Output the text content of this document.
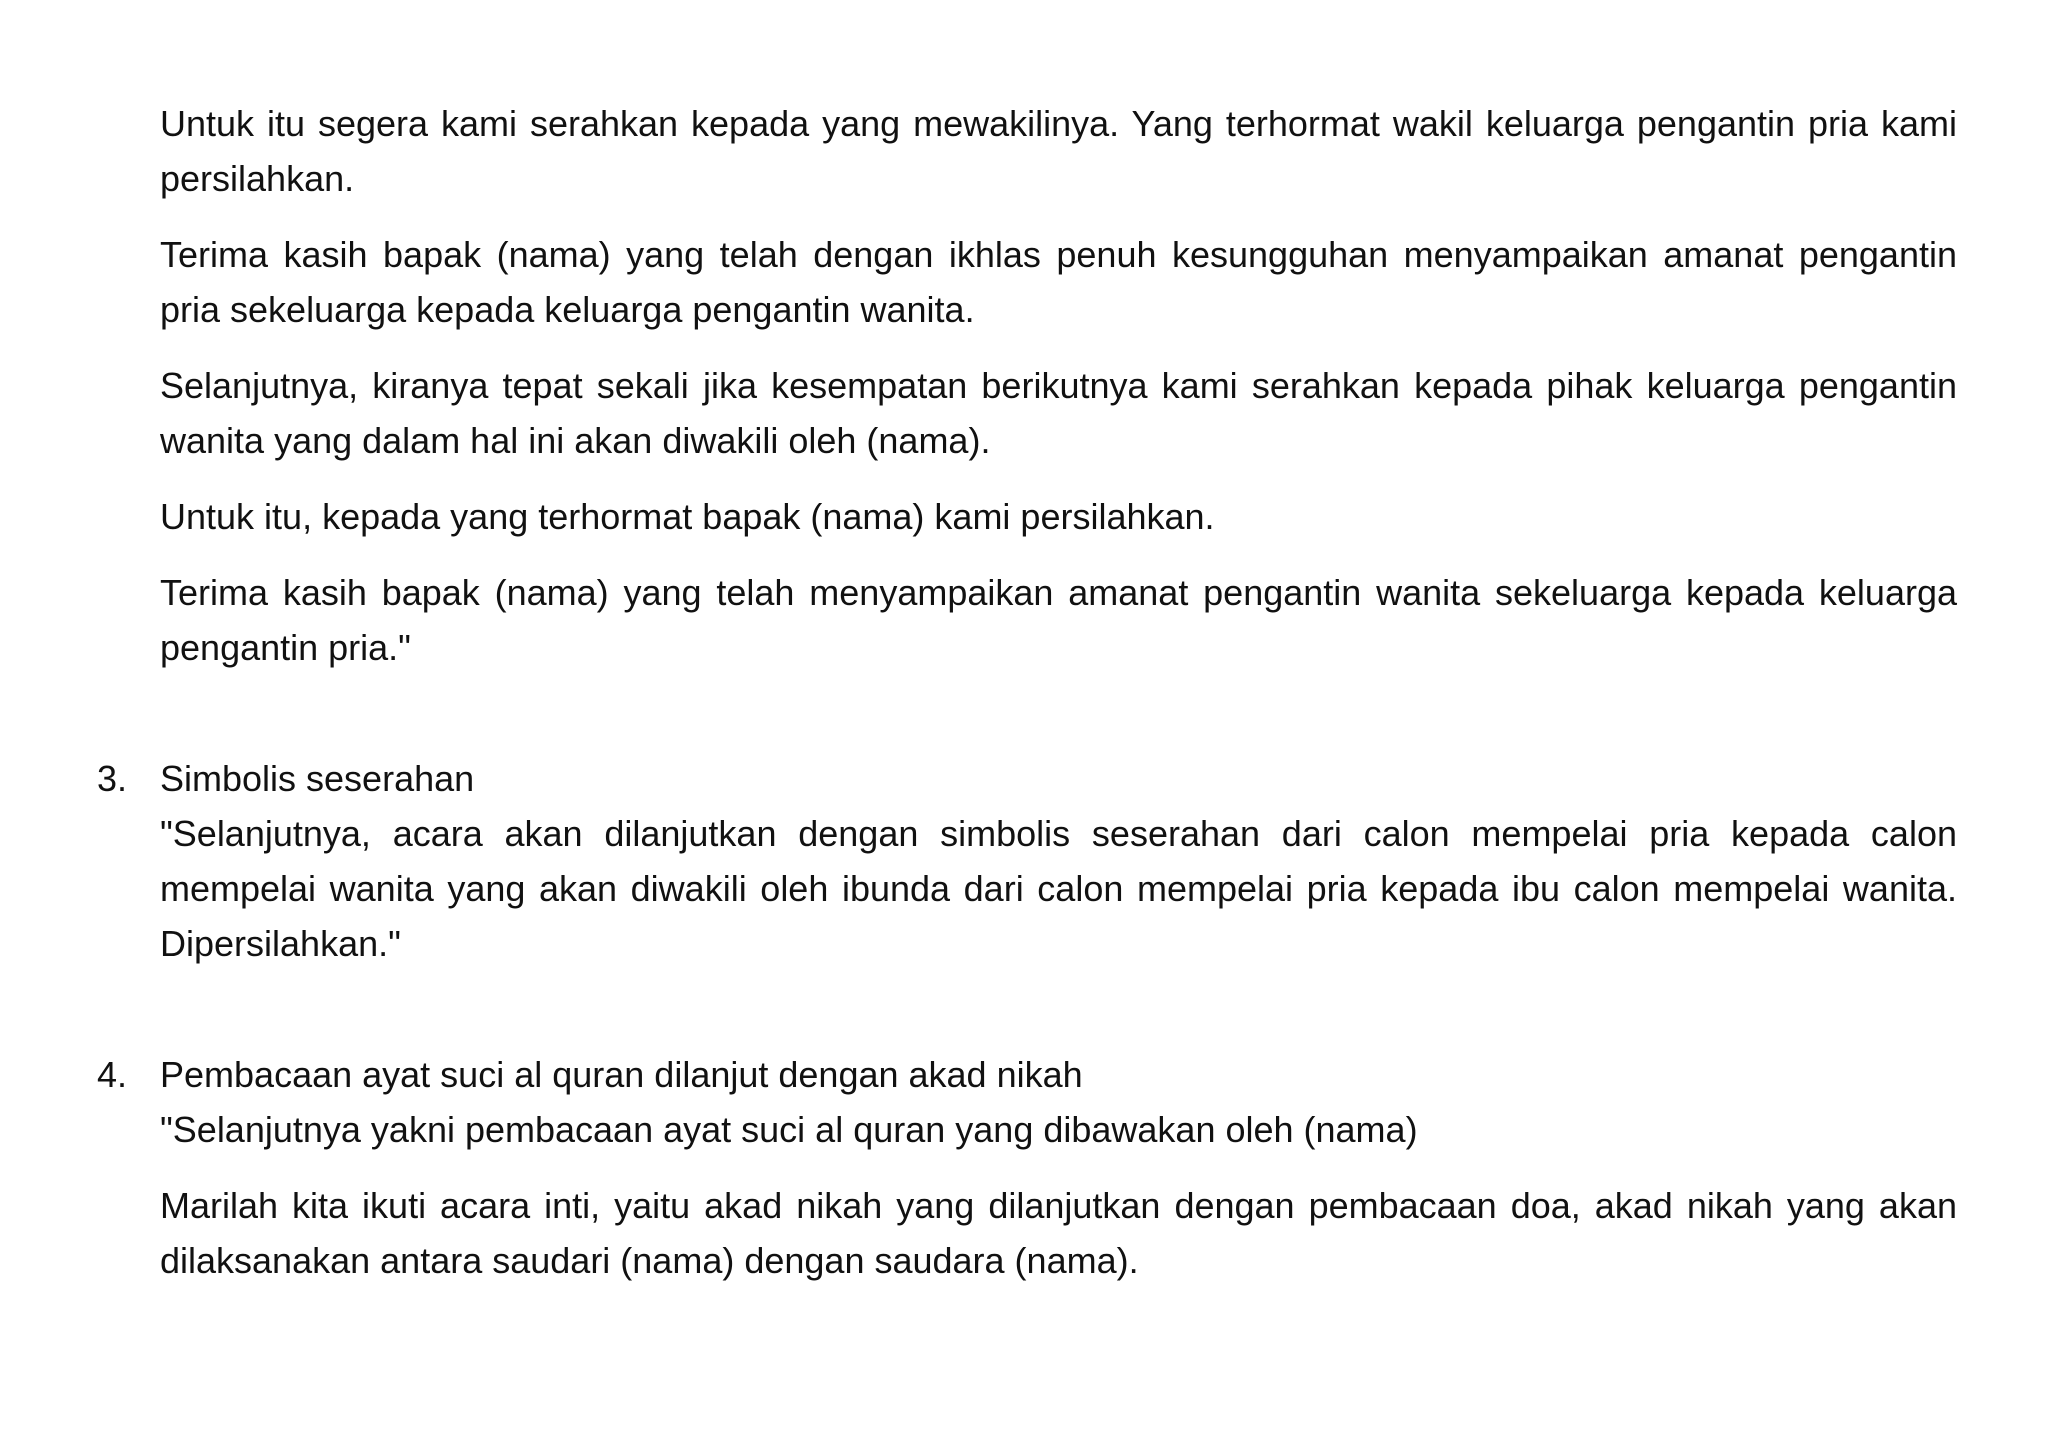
Untuk itu segera kami serahkan kepada yang mewakilinya. Yang terhormat wakil keluarga pengantin pria kami persilahkan.

Terima kasih bapak (nama) yang telah dengan ikhlas penuh kesungguhan menyampaikan amanat pengantin pria sekeluarga kepada keluarga pengantin wanita.

Selanjutnya, kiranya tepat sekali jika kesempatan berikutnya kami serahkan kepada pihak keluarga pengantin wanita yang dalam hal ini akan diwakili oleh (nama).

Untuk itu, kepada yang terhormat bapak (nama) kami persilahkan.

Terima kasih bapak (nama) yang telah menyampaikan amanat pengantin wanita sekeluarga kepada keluarga pengantin pria."

3. Simbolis seserahan

"Selanjutnya, acara akan dilanjutkan dengan simbolis seserahan dari calon mempelai pria kepada calon mempelai wanita yang akan diwakili oleh ibunda dari calon mempelai pria kepada ibu calon mempelai wanita. Dipersilahkan."

4. Pembacaan ayat suci al quran dilanjut dengan akad nikah

"Selanjutnya yakni pembacaan ayat suci al quran yang dibawakan oleh (nama)

Marilah kita ikuti acara inti, yaitu akad nikah yang dilanjutkan dengan pembacaan doa, akad nikah yang akan dilaksanakan antara saudari (nama) dengan saudara (nama).
